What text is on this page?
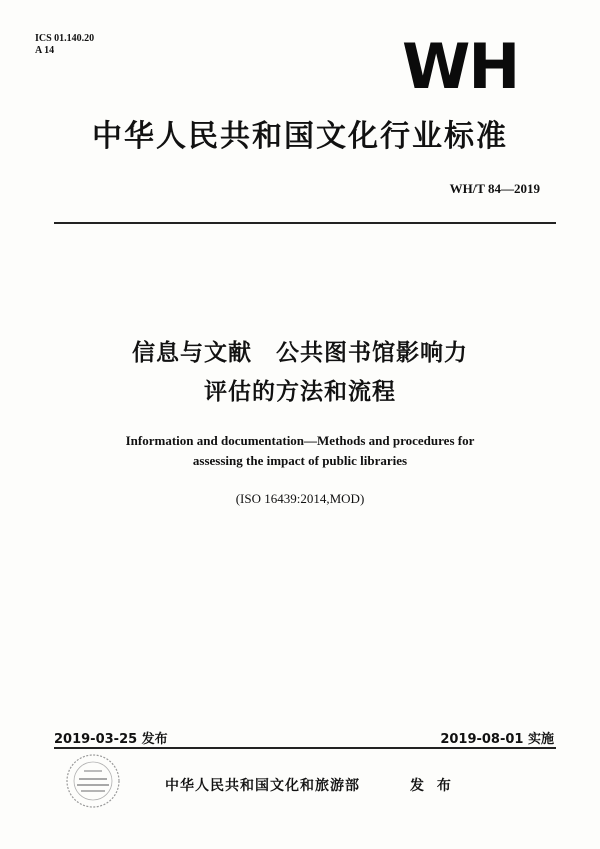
ICS 01.140.20
A 14	WH
中华人民共和国文化行业标准
WH/T 84—2019
信息与文献　公共图书馆影响力
评估的方法和流程
Information and documentation—Methods and procedures for
assessing the impact of public libraries
(ISO 16439:2014,MOD)
2019-03-25 发布	2019-08-01 实施
中华人民共和国文化和旅游部	发 布
